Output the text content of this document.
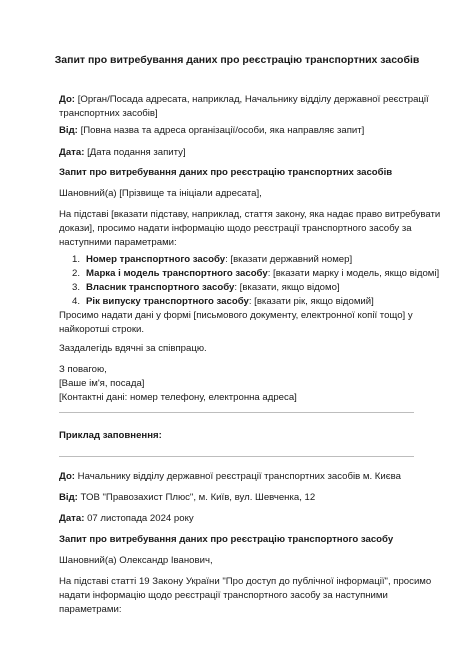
Запит про витребування даних про реєстрацію транспортних засобів
До: [Орган/Посада адресата, наприклад, Начальнику відділу державної реєстрації
транспортних засобів]
Від: [Повна назва та адреса організації/особи, яка направляє запит]
Дата: [Дата подання запиту]
Запит про витребування даних про реєстрацію транспортних засобів
Шановний(а) [Прізвище та ініціали адресата],
На підставі [вказати підставу, наприклад, стаття закону, яка надає право витребувати
докази], просимо надати інформацію щодо реєстрації транспортного засобу за
наступними параметрами:
1. Номер транспортного засобу: [вказати державний номер]
2. Марка і модель транспортного засобу: [вказати марку і модель, якщо відомі]
3. Власник транспортного засобу: [вказати, якщо відомо]
4. Рік випуску транспортного засобу: [вказати рік, якщо відомий]
Просимо надати дані у формі [письмового документу, електронної копії тощо] у
найкоротші строки.
Заздалегідь вдячні за співпрацю.
З повагою,
[Ваше ім'я, посада]
[Контактні дані: номер телефону, електронна адреса]
Приклад заповнення:
До: Начальнику відділу державної реєстрації транспортних засобів м. Києва
Від: ТОВ "Правозахист Плюс", м. Київ, вул. Шевченка, 12
Дата: 07 листопада 2024 року
Запит про витребування даних про реєстрацію транспортного засобу
Шановний(а) Олександр Іванович,
На підставі статті 19 Закону України "Про доступ до публічної інформації", просимо
надати інформацію щодо реєстрації транспортного засобу за наступними
параметрами:
